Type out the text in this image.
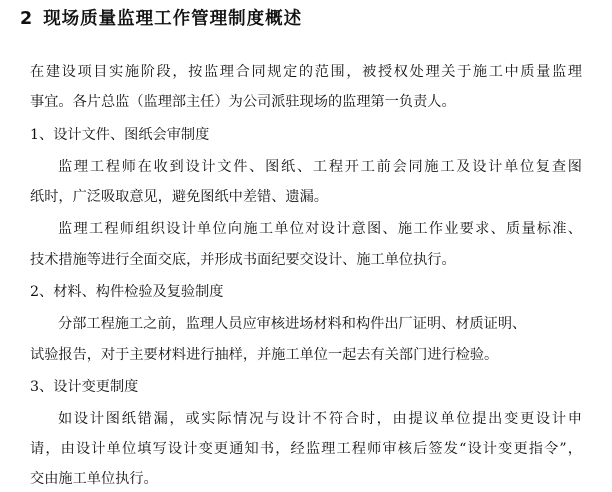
2 现场质量监理工作管理制度概述
在建设项目实施阶段，按监理合同规定的范围，被授权处理关于施工中质量监理
事宜。各片总监（监理部主任）为公司派驻现场的监理第一负责人。
1、设计文件、图纸会审制度
监理工程师在收到设计文件、图纸、工程开工前会同施工及设计单位复查图
纸时，广泛吸取意见，避免图纸中差错、遗漏。
监理工程师组织设计单位向施工单位对设计意图、施工作业要求、质量标准、
技术措施等进行全面交底，并形成书面纪要交设计、施工单位执行。
2、材料、构件检验及复验制度
分部工程施工之前，监理人员应审核进场材料和构件出厂证明、材质证明、
试验报告，对于主要材料进行抽样，并施工单位一起去有关部门进行检验。
3、设计变更制度
如设计图纸错漏，或实际情况与设计不符合时，由提议单位提出变更设计申
请，由设计单位填写设计变更通知书，经监理工程师审核后签发“设计变更指令”，
交由施工单位执行。
